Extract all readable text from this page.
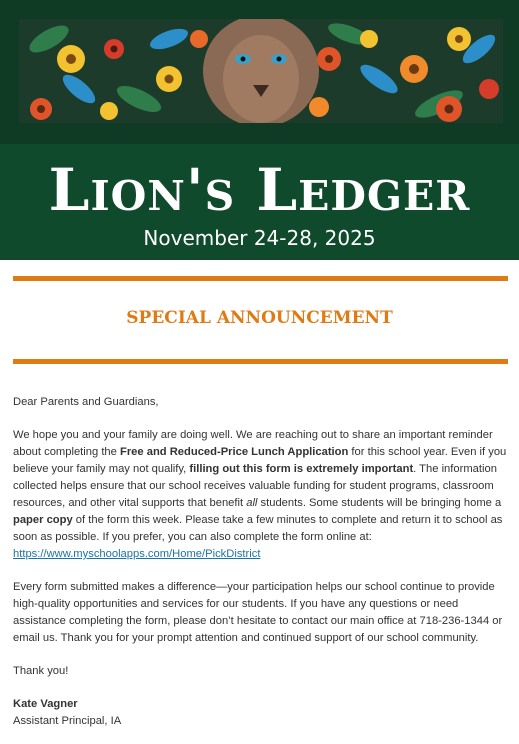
Lion's Ledger
November 24-28, 2025
SPECIAL ANNOUNCEMENT

Dear Parents and Guardians,

We hope you and your family are doing well. We are reaching out to share an important reminder about completing the Free and Reduced-Price Lunch Application for this school year. Even if you believe your family may not qualify, filling out this form is extremely important. The information collected helps ensure that our school receives valuable funding for student programs, classroom resources, and other vital supports that benefit all students. Some students will be bringing home a paper copy of the form this week. Please take a few minutes to complete and return it to school as soon as possible. If you prefer, you can also complete the form online at:
https://www.myschoolapps.com/Home/PickDistrict

Every form submitted makes a difference—your participation helps our school continue to provide high-quality opportunities and services for our students. If you have any questions or need assistance completing the form, please don’t hesitate to contact our main office at 718-236-1344 or email us. Thank you for your prompt attention and continued support of our school community.

Thank you!

Kate Vagner
Assistant Principal, IA
